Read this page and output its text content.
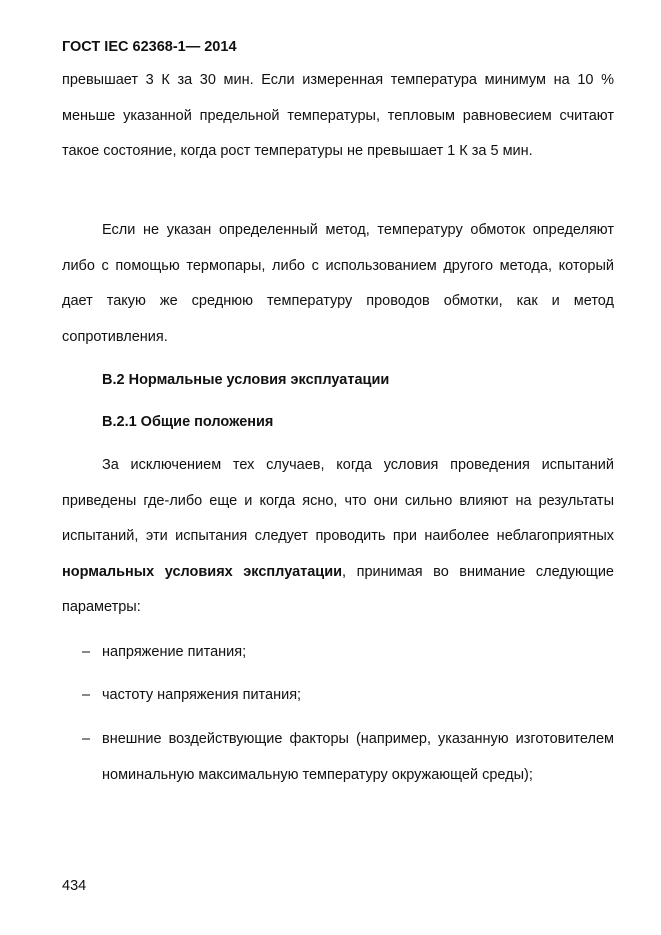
ГОСТ IEC 62368-1— 2014

превышает 3 К за 30 мин. Если измеренная температура минимум на 10 % меньше указанной предельной температуры, тепловым равновесием считают такое состояние, когда рост температуры не превышает 1 К за 5 мин.

Если не указан определенный метод, температуру обмоток определяют либо с помощью термопары, либо с использованием другого метода, который дает такую же среднюю температуру проводов обмотки, как и метод сопротивления.

В.2 Нормальные условия эксплуатации

В.2.1 Общие положения

За исключением тех случаев, когда условия проведения испытаний приведены где-либо еще и когда ясно, что они сильно влияют на результаты испытаний, эти испытания следует проводить при наиболее неблагоприятных нормальных условиях эксплуатации, принимая во внимание следующие параметры:

– напряжение питания;
– частоту напряжения питания;
– внешние воздействующие факторы (например, указанную изготовителем номинальную максимальную температуру окружающей среды);
434
